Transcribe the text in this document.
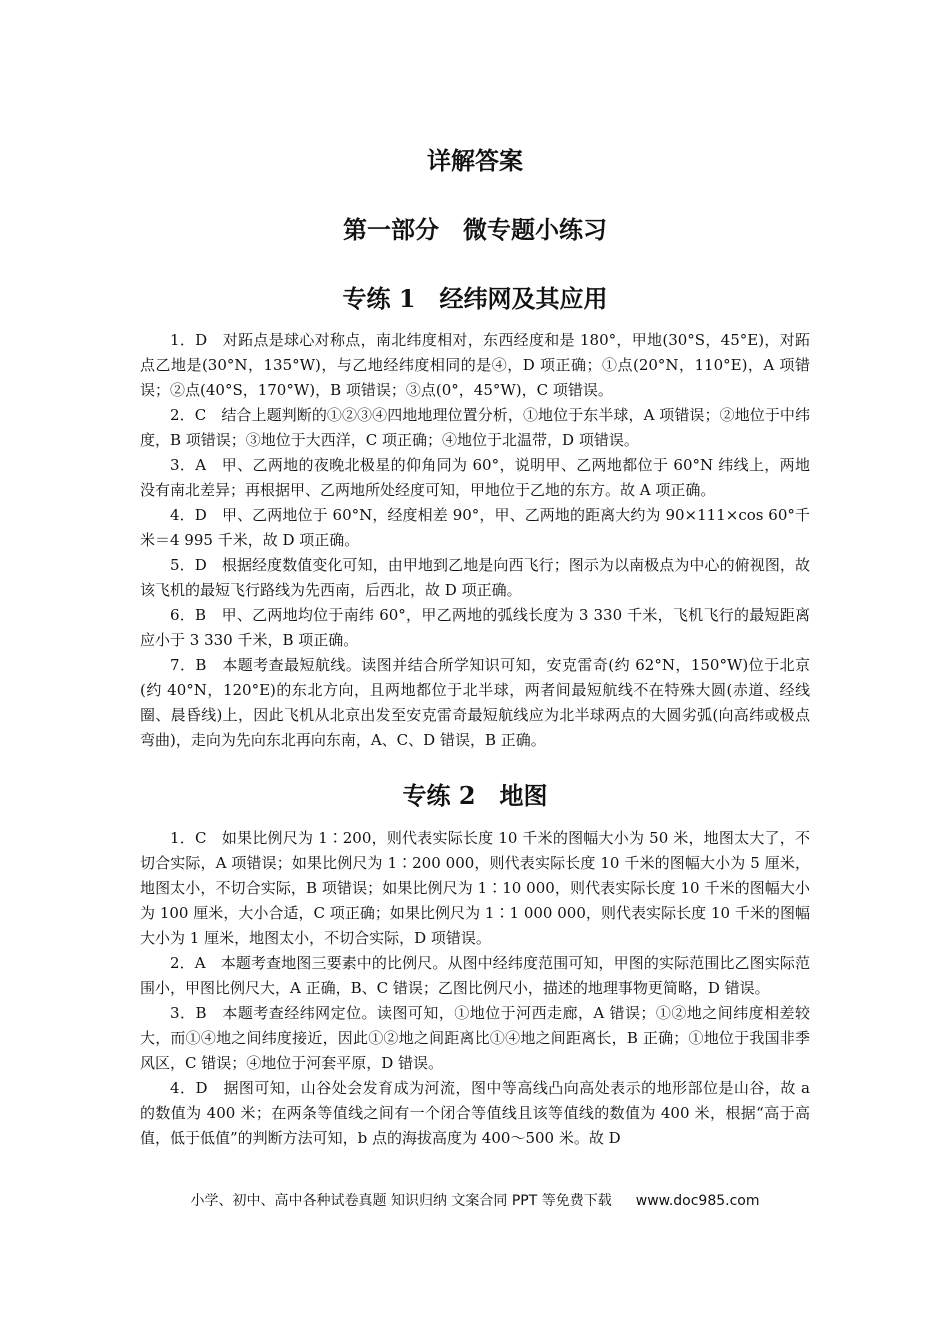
详解答案
第一部分　微专题小练习
专练 1　经纬网及其应用

1．D　对跖点是球心对称点，南北纬度相对，东西经度和是 180°，甲地(30°S，45°E)，对跖点乙地是(30°N，135°W)，与乙地经纬度相同的是④，D 项正确；①点(20°N，110°E)，A 项错误；②点(40°S，170°W)，B 项错误；③点(0°，45°W)，C 项错误。

2．C　结合上题判断的①②③④四地地理位置分析，①地位于东半球，A 项错误；②地位于中纬度，B 项错误；③地位于大西洋，C 项正确；④地位于北温带，D 项错误。

3．A　甲、乙两地的夜晚北极星的仰角同为 60°，说明甲、乙两地都位于 60°N 纬线上，两地没有南北差异；再根据甲、乙两地所处经度可知，甲地位于乙地的东方。故 A 项正确。

4．D　甲、乙两地位于 60°N，经度相差 90°，甲、乙两地的距离大约为 90×111×cos 60°千米＝4 995 千米，故 D 项正确。

5．D　根据经度数值变化可知，由甲地到乙地是向西飞行；图示为以南极点为中心的俯视图，故该飞机的最短飞行路线为先西南，后西北，故 D 项正确。

6．B　甲、乙两地均位于南纬 60°，甲乙两地的弧线长度为 3 330 千米，飞机飞行的最短距离应小于 3 330 千米，B 项正确。

7．B　本题考查最短航线。读图并结合所学知识可知，安克雷奇(约 62°N，150°W)位于北京(约 40°N，120°E)的东北方向，且两地都位于北半球，两者间最短航线不在特殊大圆(赤道、经线圈、晨昏线)上，因此飞机从北京出发至安克雷奇最短航线应为北半球两点的大圆劣弧(向高纬或极点弯曲)，走向为先向东北再向东南，A、C、D 错误，B 正确。

专练 2　地图

1．C　如果比例尺为 1∶200，则代表实际长度 10 千米的图幅大小为 50 米，地图太大了，不切合实际，A 项错误；如果比例尺为 1∶200 000，则代表实际长度 10 千米的图幅大小为 5 厘米，地图太小，不切合实际，B 项错误；如果比例尺为 1∶10 000，则代表实际长度 10 千米的图幅大小为 100 厘米，大小合适，C 项正确；如果比例尺为 1∶1 000 000，则代表实际长度 10 千米的图幅大小为 1 厘米，地图太小，不切合实际，D 项错误。

2．A　本题考查地图三要素中的比例尺。从图中经纬度范围可知，甲图的实际范围比乙图实际范围小，甲图比例尺大，A 正确，B、C 错误；乙图比例尺小，描述的地理事物更简略，D 错误。

3．B　本题考查经纬网定位。读图可知，①地位于河西走廊，A 错误；①②地之间纬度相差较大，而①④地之间纬度接近，因此①②地之间距离比①④地之间距离长，B 正确；①地位于我国非季风区，C 错误；④地位于河套平原，D 错误。

4．D　据图可知，山谷处会发育成为河流，图中等高线凸向高处表示的地形部位是山谷，故 a 的数值为 400 米；在两条等值线之间有一个闭合等值线且该等值线的数值为 400 米，根据“高于高值，低于低值”的判断方法可知，b 点的海拔高度为 400～500 米。故 D

小学、初中、高中各种试卷真题 知识归纳 文案合同 PPT 等免费下载 www.doc985.com
